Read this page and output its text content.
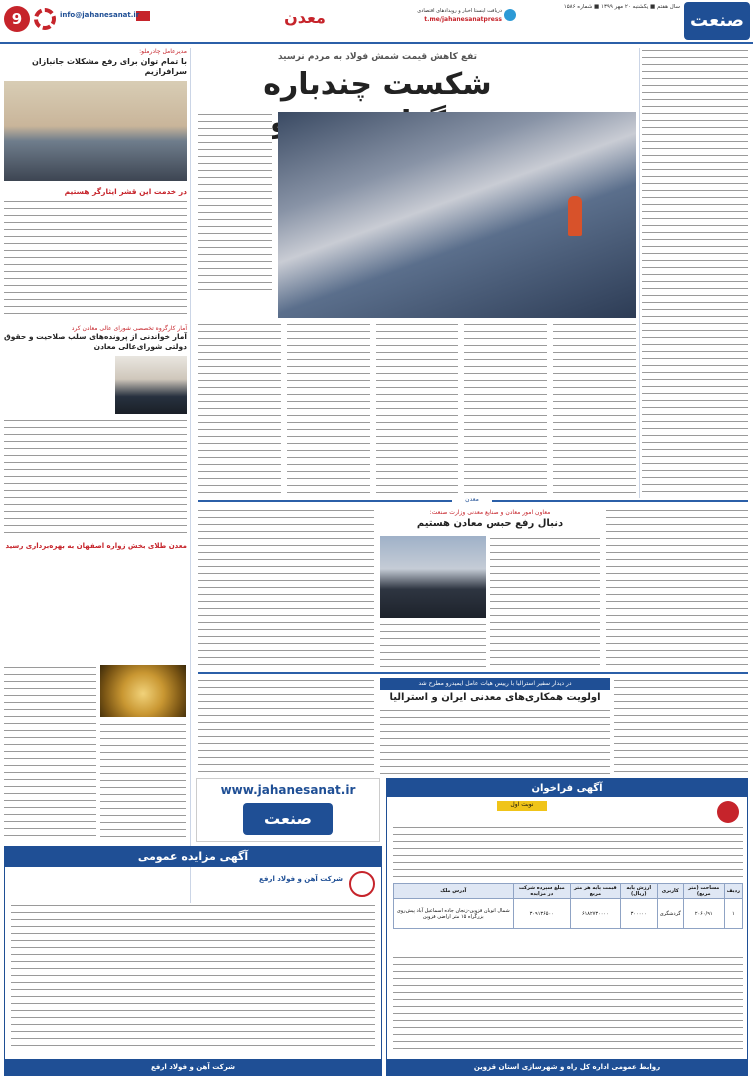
9	info@jahanesanat.ir	معدن	دریافت اینستا اخبار و رویدادهای اقتصادی
t.me/jahanesanatpress
سال هفتم ■ یکشنبه ۲۰ مهر ۱۳۹۹ ■ شماره ۱۵۸۶
صنعت
مدیرعامل چادرملو:
با تمام توان برای رفع مشکلات جانبازان سرافرازیم
در خدمت این قشر ایثارگر هستیم
آمار کارگروه تخصصی شورای عالی معادن کرد
آمار خواندنی از پرونده‌های سلب صلاحیت و حقوق دولتی شورای‌عالی معادن
معدن طلای بخش زواره اصفهان به بهره‌برداری رسید
تفع کاهش قیمت شمش فولاد به مردم نرسید
شکست چندباره
معدن
معاون امور معادن و صنایع معدنی وزارت صنعت:
دنبال رفع حبس معادن هستیم
در دیدار سفیر استرالیا با رییس هیات عامل ایمیدرو مطرح شد
اولویت همکاری‌های معدنی ایران و استرالیا
www.jahanesanat.ir
صنعت
آگهی فراخوان
نوبت اول
ردیف	مساحت (متر مربع)	کاربری	ارزش پایه (ریال)	قیمت پایه هر متر مربع	مبلغ سپرده شرکت در مزایده	آدرس ملک
۱	۲۰۶۰/۹۱	گردشگری	۳۰۰۰۰۰	۶۱۸۲۷۳۰۰۰۰	۳۰۹۱۳۶۵۰۰	شمال اتوبان قزوین-زنجان جاده اسماعیل آباد پیش‌روی بزرگراه ۱۵ متر اراضی قزوین
روابط عمومی اداره کل راه و شهرسازی استان قزوین
آگهی مزایده عمومی
شرکت آهن و فولاد ارفع
شرکت آهن و فولاد ارفع
